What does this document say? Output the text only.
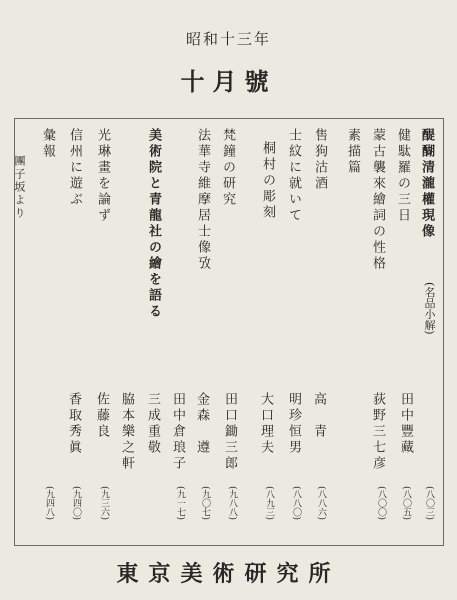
昭和十三年
十月號
醍醐清瀧權現像
(名品小解)
田中豐藏
(八〇三)
健駄羅の三日
(八〇五)
蒙古襲來繪詞の性格
荻野三七彦
(八〇〇)
素描篇
售狗沽酒
高　青
(八八六)
士紋に就いて
明珍恒男
(八八〇)
桐村の彫刻
大口理夫
(八九三)
梵鐘の研究
田口鋤三郎
(九八八)
法華寺維摩居士像攷
金森　遵
(九〇七)
美術院と青龍社の繪を語る
田中倉琅子
(九一七)
三成重敬
脇本樂之軒
光琳畫を論ず
佐藤良
(九三六)
信州に遊ぶ
香取秀眞
(九四〇)
彙報
(九四八)
團子坂より
東京美術研究所
